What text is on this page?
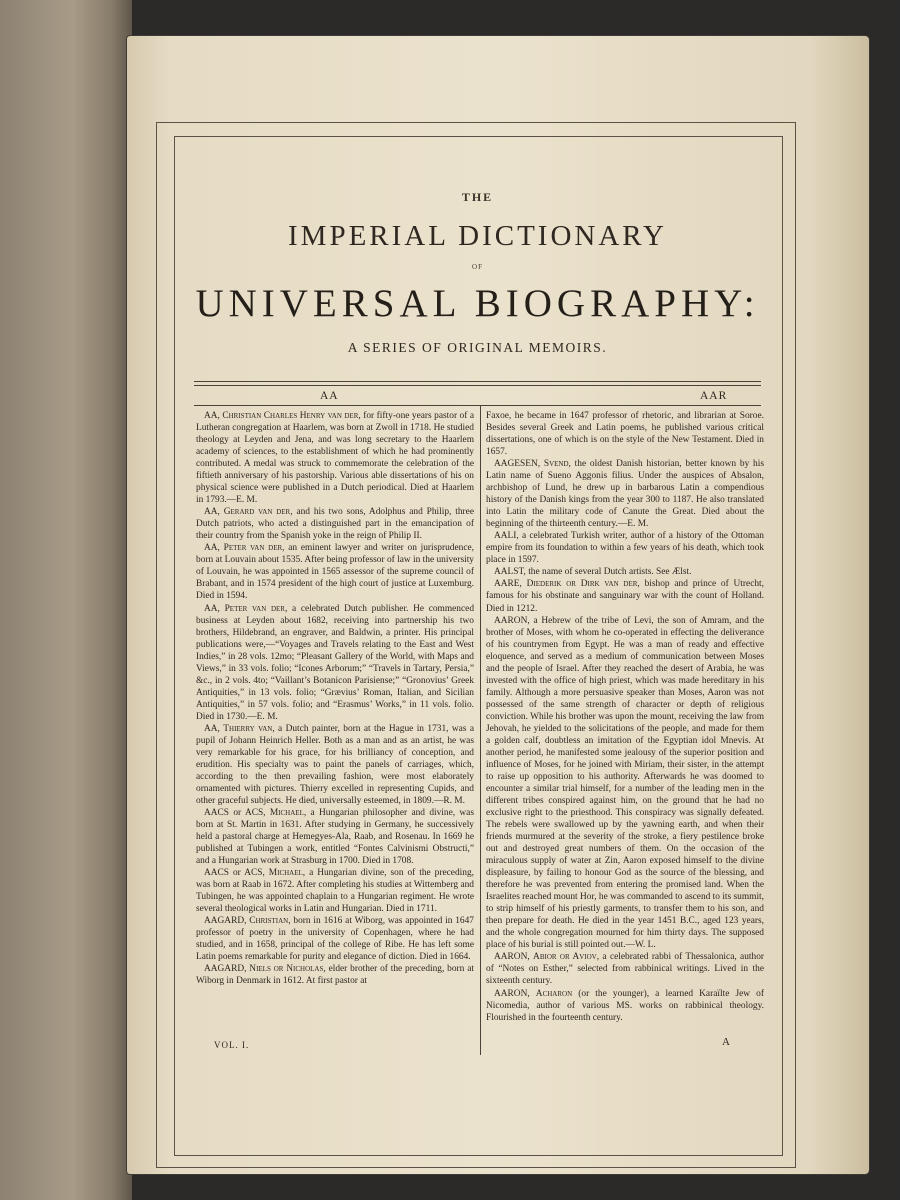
THE
IMPERIAL DICTIONARY
OF
UNIVERSAL BIOGRAPHY:
A SERIES OF ORIGINAL MEMOIRS.
AA	AAR

AA, Christian Charles Henry van der, for fifty-one years pastor of a Lutheran congregation at Haarlem, was born at Zwoll in 1718. He studied theology at Leyden and Jena, and was long secretary to the Haarlem academy of sciences, to the establishment of which he had prominently contributed. A medal was struck to commemorate the celebration of the fiftieth anniversary of his pastorship. Various able dissertations of his on physical science were published in a Dutch periodical. Died at Haarlem in 1793.—E. M.

AA, Gerard van der, and his two sons, Adolphus and Philip, three Dutch patriots, who acted a distinguished part in the emancipation of their country from the Spanish yoke in the reign of Philip II.

AA, Peter van der, an eminent lawyer and writer on jurisprudence, born at Louvain about 1535. After being professor of law in the university of Louvain, he was appointed in 1565 assessor of the supreme council of Brabant, and in 1574 president of the high court of justice at Luxemburg. Died in 1594.

AA, Peter van der, a celebrated Dutch publisher. He commenced business at Leyden about 1682, receiving into partnership his two brothers, Hildebrand, an engraver, and Baldwin, a printer. His principal publications were,—“Voyages and Travels relating to the East and West Indies,” in 28 vols. 12mo; “Pleasant Gallery of the World, with Maps and Views,” in 33 vols. folio; “Icones Arborum;” “Travels in Tartary, Persia,” &c., in 2 vols. 4to; “Vaillant’s Botanicon Parisiense;” “Gronovius’ Greek Antiquities,” in 13 vols. folio; “Grævius’ Roman, Italian, and Sicilian Antiquities,” in 57 vols. folio; and “Erasmus’ Works,” in 11 vols. folio. Died in 1730.—E. M.

AA, Thierry van, a Dutch painter, born at the Hague in 1731, was a pupil of Johann Heinrich Heller. Both as a man and as an artist, he was very remarkable for his grace, for his brilliancy of conception, and erudition. His specialty was to paint the panels of carriages, which, according to the then prevailing fashion, were most elaborately ornamented with pictures. Thierry excelled in representing Cupids, and other graceful subjects. He died, universally esteemed, in 1809.—R. M.

AACS or ACS, Michael, a Hungarian philosopher and divine, was born at St. Martin in 1631. After studying in Germany, he successively held a pastoral charge at Hemegyes-Ala, Raab, and Rosenau. In 1669 he published at Tubingen a work, entitled “Fontes Calvinismi Obstructi,” and a Hungarian work at Strasburg in 1700. Died in 1708.

AACS or ACS, Michael, a Hungarian divine, son of the preceding, was born at Raab in 1672. After completing his studies at Wittemberg and Tubingen, he was appointed chaplain to a Hungarian regiment. He wrote several theological works in Latin and Hungarian. Died in 1711.

AAGARD, Christian, born in 1616 at Wiborg, was appointed in 1647 professor of poetry in the university of Copenhagen, where he had studied, and in 1658, principal of the college of Ribe. He has left some Latin poems remarkable for purity and elegance of diction. Died in 1664.

AAGARD, Niels or Nicholas, elder brother of the preceding, born at Wiborg in Denmark in 1612. At first pastor at

Faxoe, he became in 1647 professor of rhetoric, and librarian at Soroe. Besides several Greek and Latin poems, he published various critical dissertations, one of which is on the style of the New Testament. Died in 1657.

AAGESEN, Svend, the oldest Danish historian, better known by his Latin name of Sueno Aggonis filius. Under the auspices of Absalon, archbishop of Lund, he drew up in barbarous Latin a compendious history of the Danish kings from the year 300 to 1187. He also translated into Latin the military code of Canute the Great. Died about the beginning of the thirteenth century.—E. M.

AALI, a celebrated Turkish writer, author of a history of the Ottoman empire from its foundation to within a few years of his death, which took place in 1597.

AALST, the name of several Dutch artists. See Ælst.

AARE, Diederik or Dirk van der, bishop and prince of Utrecht, famous for his obstinate and sanguinary war with the count of Holland. Died in 1212.

AARON, a Hebrew of the tribe of Levi, the son of Amram, and the brother of Moses, with whom he co-operated in effecting the deliverance of his countrymen from Egypt. He was a man of ready and effective eloquence, and served as a medium of communication between Moses and the people of Israel. After they reached the desert of Arabia, he was invested with the office of high priest, which was made hereditary in his family. Although a more persuasive speaker than Moses, Aaron was not possessed of the same strength of character or depth of religious conviction. While his brother was upon the mount, receiving the law from Jehovah, he yielded to the solicitations of the people, and made for them a golden calf, doubtless an imitation of the Egyptian idol Mnevis. At another period, he manifested some jealousy of the superior position and influence of Moses, for he joined with Miriam, their sister, in the attempt to raise up opposition to his authority. Afterwards he was doomed to encounter a similar trial himself, for a number of the leading men in the different tribes conspired against him, on the ground that he had no exclusive right to the priesthood. This conspiracy was signally defeated. The rebels were swallowed up by the yawning earth, and when their friends murmured at the severity of the stroke, a fiery pestilence broke out and destroyed great numbers of them. On the occasion of the miraculous supply of water at Zin, Aaron exposed himself to the divine displeasure, by failing to honour God as the source of the blessing, and therefore he was prevented from entering the promised land. When the Israelites reached mount Hor, he was commanded to ascend to its summit, to strip himself of his priestly garments, to transfer them to his son, and then prepare for death. He died in the year 1451 B.C., aged 123 years, and the whole congregation mourned for him thirty days. The supposed place of his burial is still pointed out.—W. L.

AARON, Abior or Aviov, a celebrated rabbi of Thessalonica, author of “Notes on Esther,” selected from rabbinical writings. Lived in the sixteenth century.

AARON, Acharon (or the younger), a learned Karaïlte Jew of Nicomedia, author of various MS. works on rabbinical theology. Flourished in the fourteenth century.

VOL. I.	A
